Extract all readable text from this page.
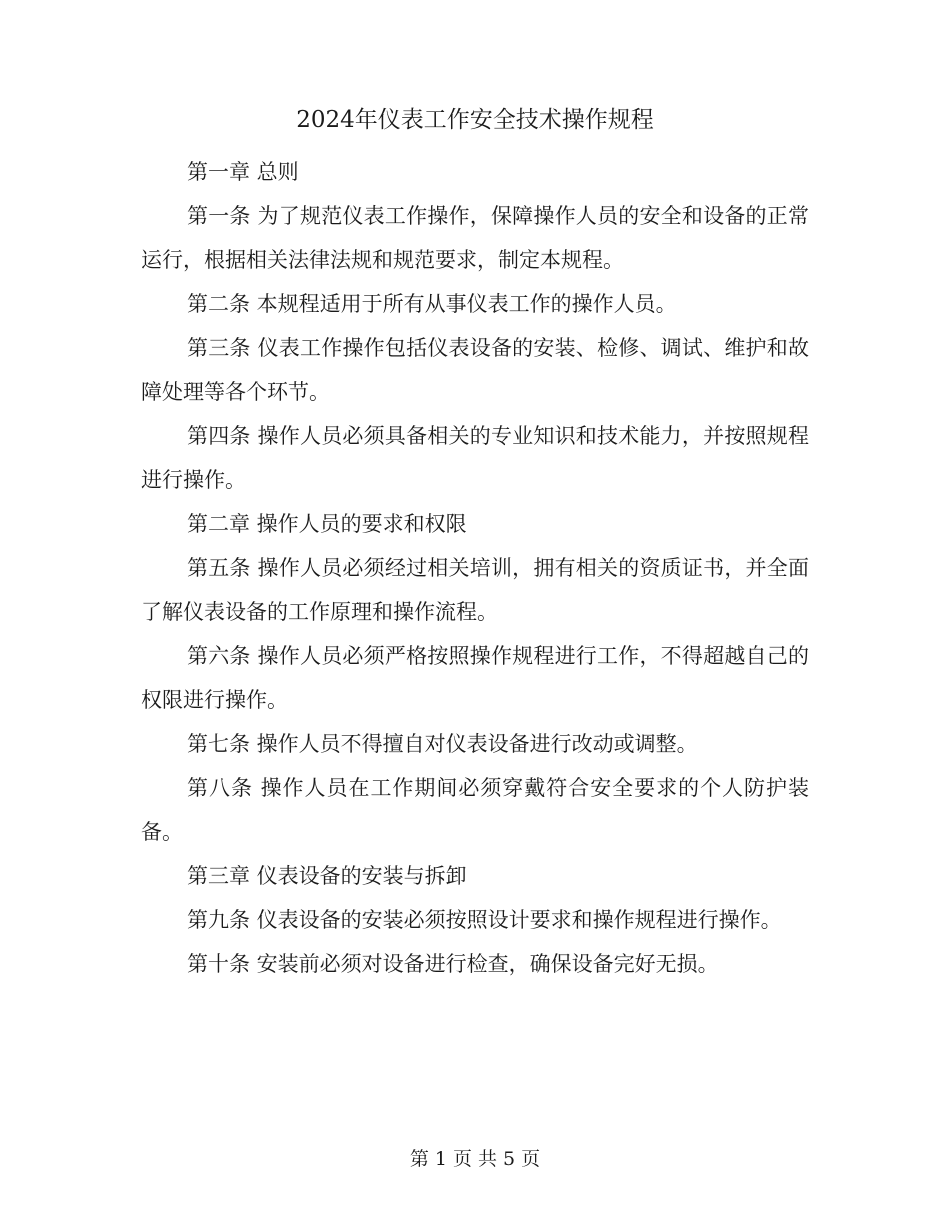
2024年仪表工作安全技术操作规程

第一章 总则

第一条 为了规范仪表工作操作，保障操作人员的安全和设备的正常运行，根据相关法律法规和规范要求，制定本规程。

第二条 本规程适用于所有从事仪表工作的操作人员。

第三条 仪表工作操作包括仪表设备的安装、检修、调试、维护和故障处理等各个环节。

第四条 操作人员必须具备相关的专业知识和技术能力，并按照规程进行操作。

第二章 操作人员的要求和权限

第五条 操作人员必须经过相关培训，拥有相关的资质证书，并全面了解仪表设备的工作原理和操作流程。

第六条 操作人员必须严格按照操作规程进行工作，不得超越自己的权限进行操作。

第七条 操作人员不得擅自对仪表设备进行改动或调整。

第八条 操作人员在工作期间必须穿戴符合安全要求的个人防护装备。

第三章 仪表设备的安装与拆卸

第九条 仪表设备的安装必须按照设计要求和操作规程进行操作。

第十条 安装前必须对设备进行检查，确保设备完好无损。

第 1 页 共 5 页
